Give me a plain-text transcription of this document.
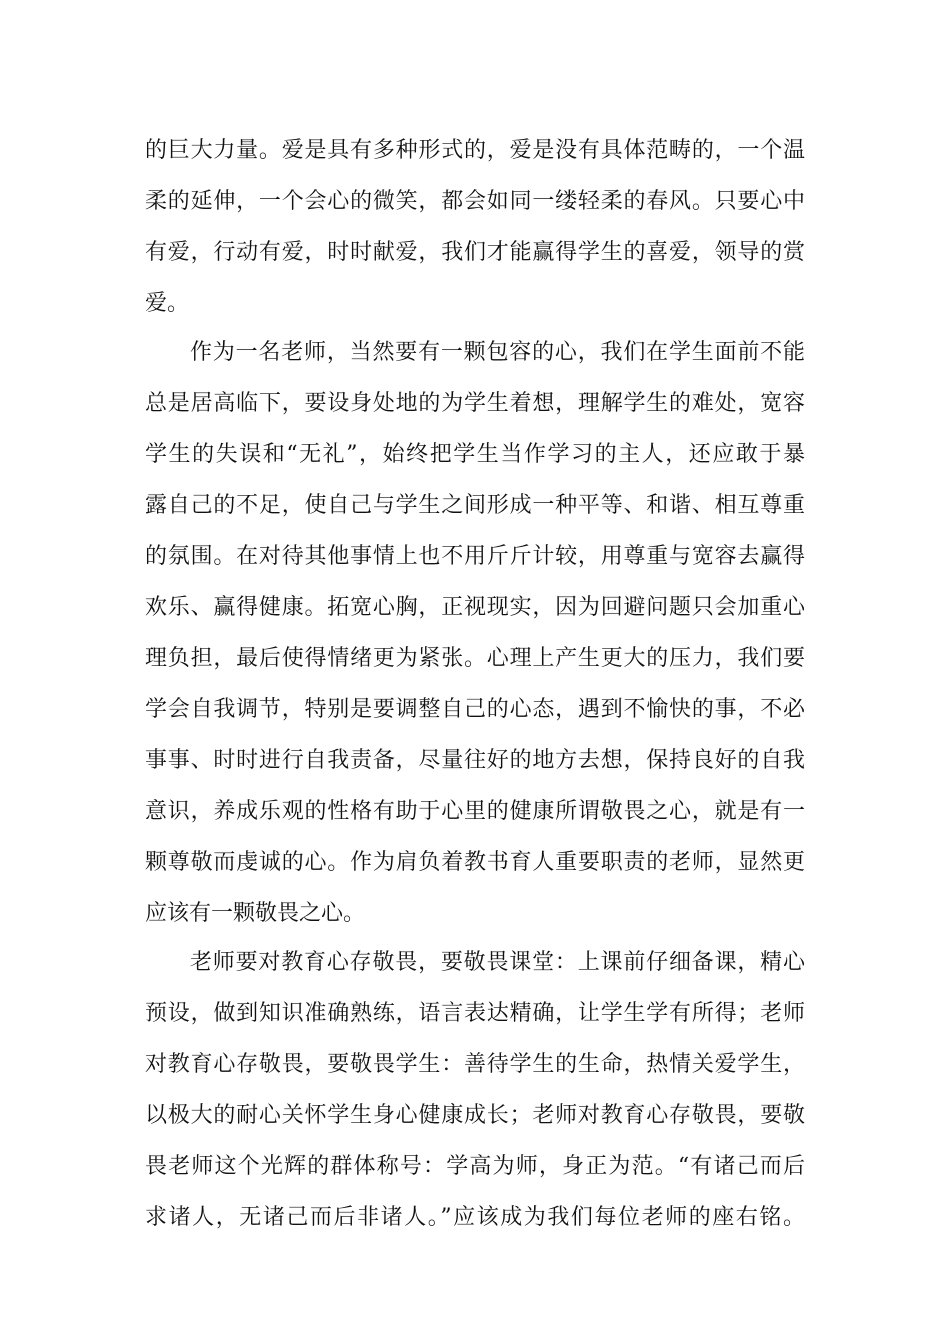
的巨大力量。爱是具有多种形式的，爱是没有具体范畴的，一个温
柔的延伸，一个会心的微笑，都会如同一缕轻柔的春风。只要心中
有爱，行动有爱，时时献爱，我们才能赢得学生的喜爱，领导的赏
爱。
作为一名老师，当然要有一颗包容的心，我们在学生面前不能
总是居高临下，要设身处地的为学生着想，理解学生的难处，宽容
学生的失误和“无礼”，始终把学生当作学习的主人，还应敢于暴
露自己的不足，使自己与学生之间形成一种平等、和谐、相互尊重
的氛围。在对待其他事情上也不用斤斤计较，用尊重与宽容去赢得
欢乐、赢得健康。拓宽心胸，正视现实，因为回避问题只会加重心
理负担，最后使得情绪更为紧张。心理上产生更大的压力，我们要
学会自我调节，特别是要调整自己的心态，遇到不愉快的事，不必
事事、时时进行自我责备，尽量往好的地方去想，保持良好的自我
意识，养成乐观的性格有助于心里的健康所谓敬畏之心，就是有一
颗尊敬而虔诚的心。作为肩负着教书育人重要职责的老师，显然更
应该有一颗敬畏之心。
老师要对教育心存敬畏，要敬畏课堂：上课前仔细备课，精心
预设，做到知识准确熟练，语言表达精确，让学生学有所得；老师
对教育心存敬畏，要敬畏学生：善待学生的生命，热情关爱学生，
以极大的耐心关怀学生身心健康成长；老师对教育心存敬畏，要敬
畏老师这个光辉的群体称号：学高为师，身正为范。“有诸己而后
求诸人，无诸己而后非诸人。”应该成为我们每位老师的座右铭。
